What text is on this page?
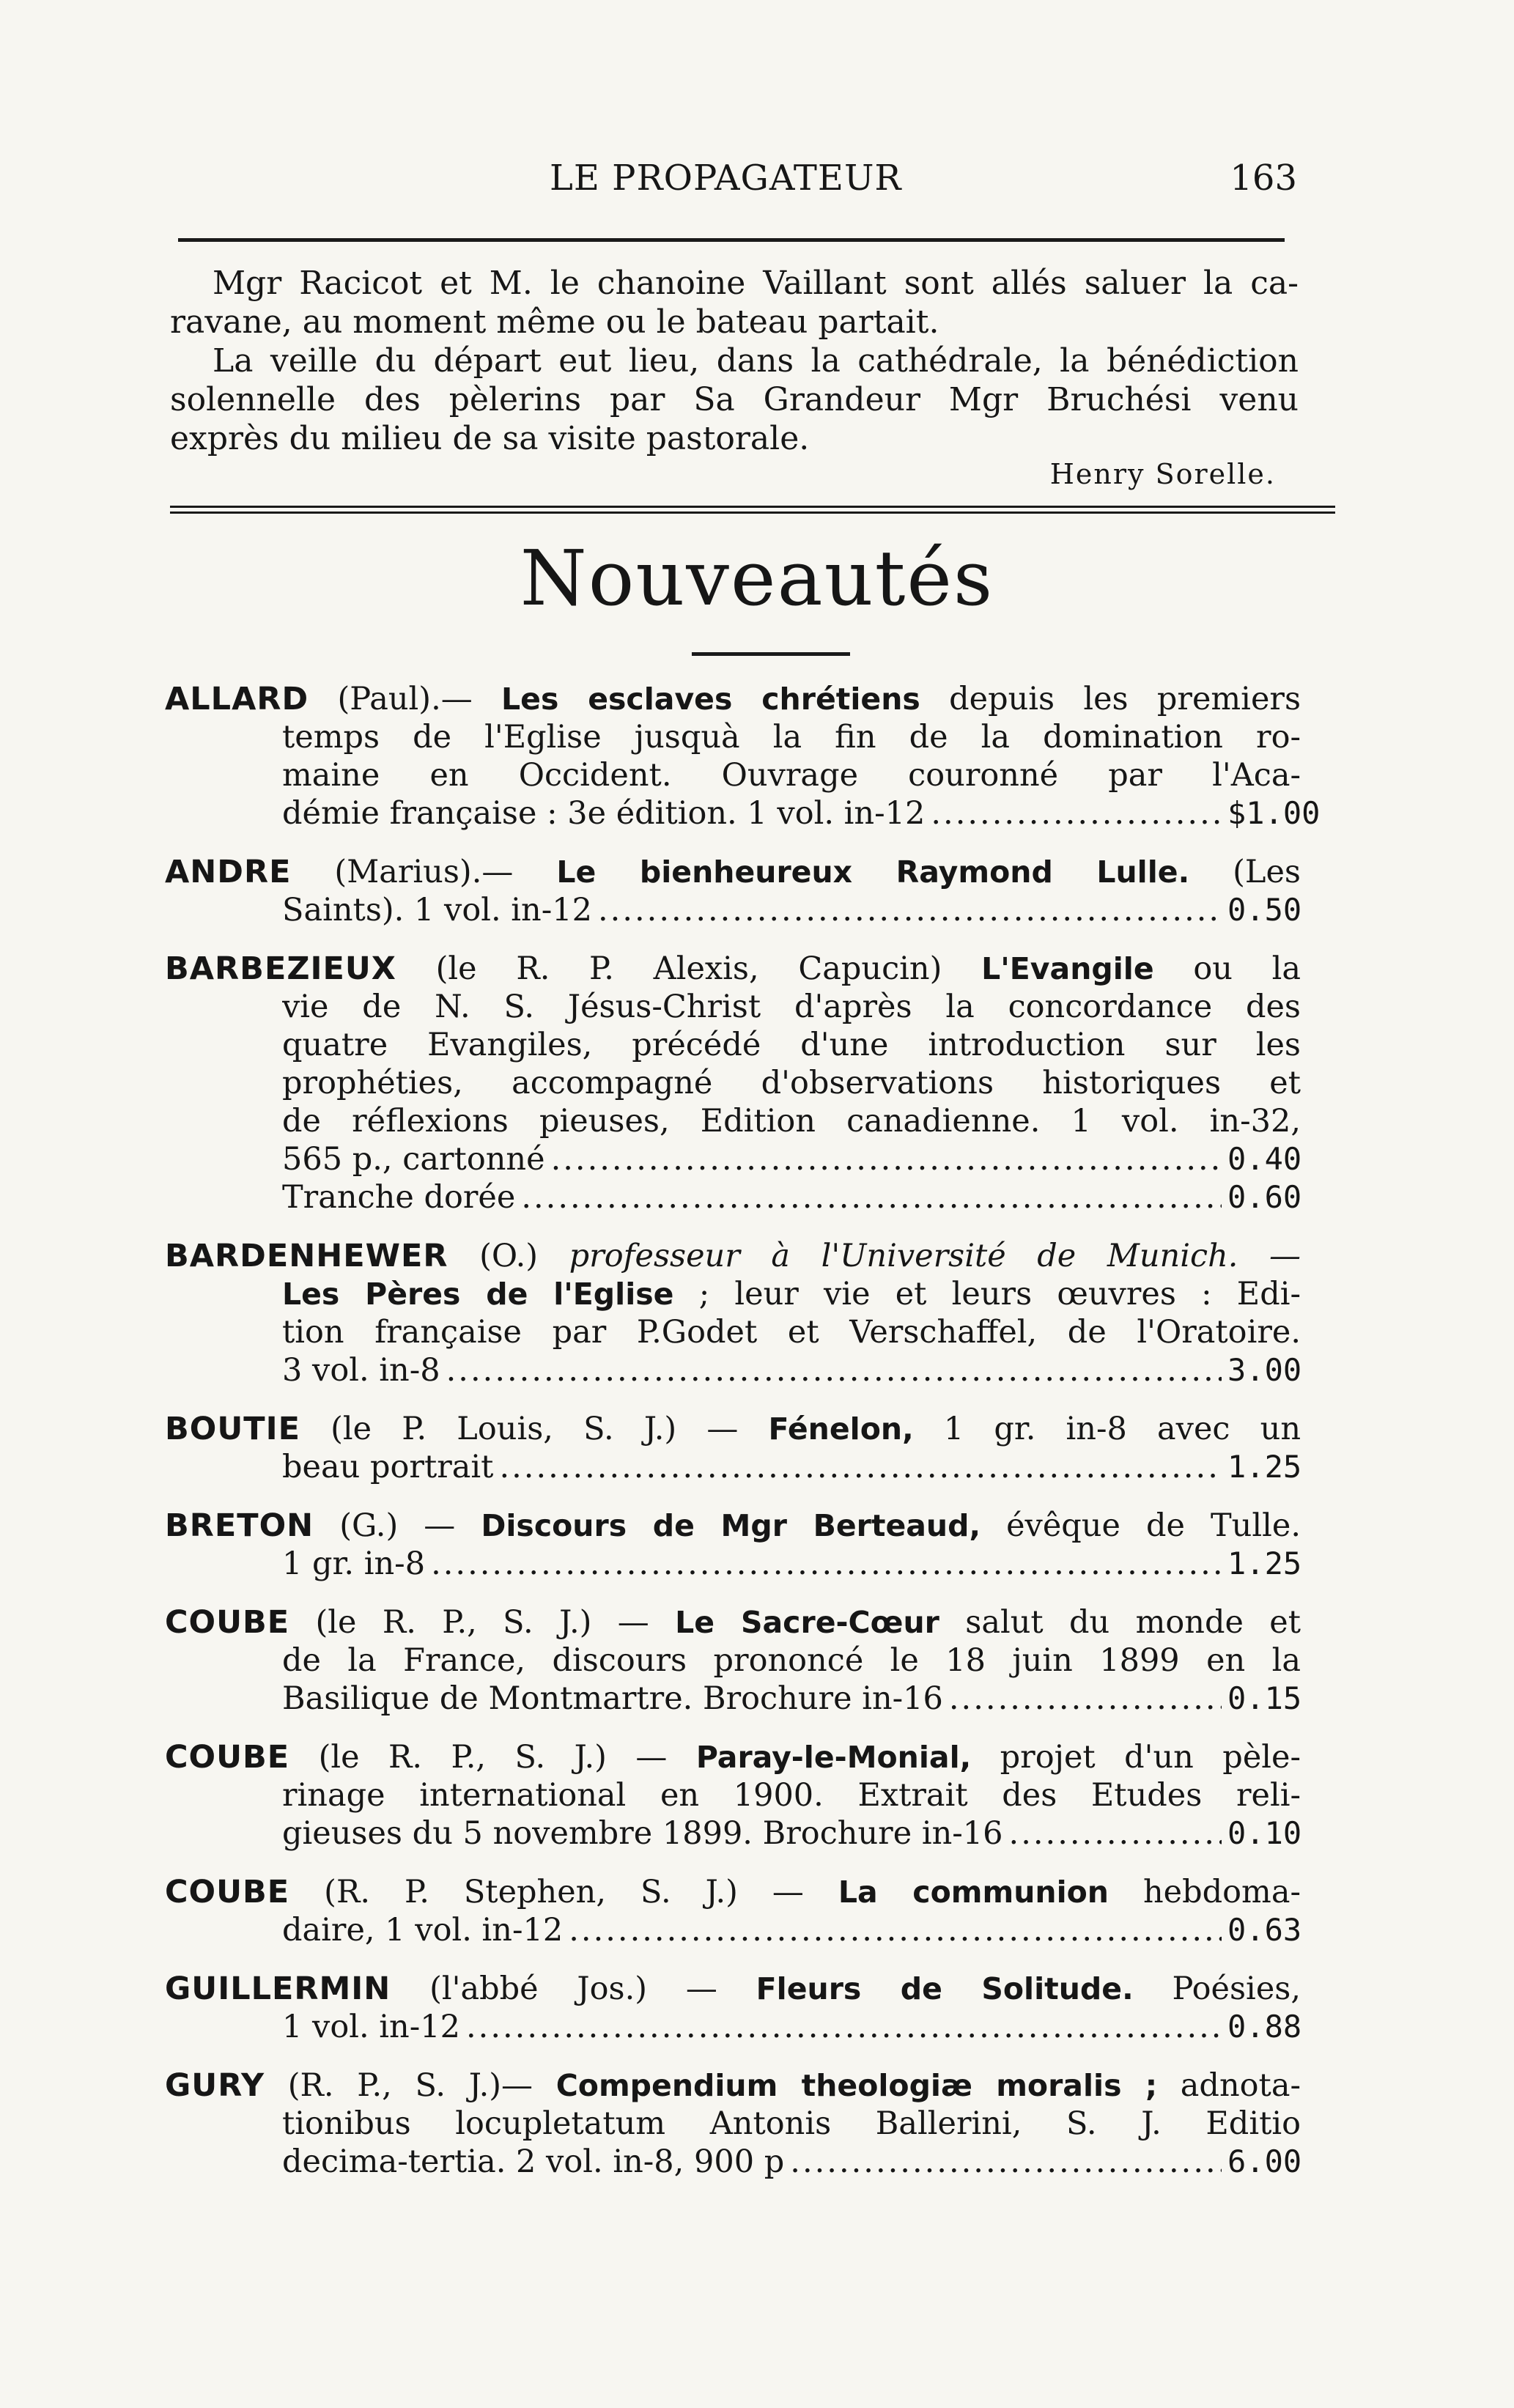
LE PROPAGATEUR	163
Mgr Racicot et M. le chanoine Vaillant sont allés saluer la ca-
ravane, au moment même ou le bateau partait.
La veille du départ eut lieu, dans la cathédrale, la bénédiction
solennelle des pèlerins par Sa Grandeur Mgr Bruchési venu
exprès du milieu de sa visite pastorale.
Henry Sorelle.
Nouveautés
ALLARD (Paul).— Les esclaves chrétiens depuis les premiers
temps de l'Eglise jusquà la fin de la domination ro-
maine en Occident. Ouvrage couronné par l'Aca-
démie française : 3e édition. 1 vol. in-12 .....	$1.00
ANDRE (Marius).— Le bienheureux Raymond Lulle. (Les
Saints). 1 vol. in-12 .....	0.50
BARBEZIEUX (le R. P. Alexis, Capucin) L'Evangile ou la
vie de N. S. Jésus-Christ d'après la concordance des
quatre Evangiles, précédé d'une introduction sur les
prophéties, accompagné d'observations historiques et
de réflexions pieuses, Edition canadienne. 1 vol. in-32,
565 p., cartonné .....	0.40
Tranche dorée .....	0.60
BARDENHEWER (O.) professeur à l'Université de Munich. —
Les Pères de l'Eglise ; leur vie et leurs œuvres : Edi-
tion française par P.Godet et Verschaffel, de l'Oratoire.
3 vol. in-8 .....	3.00
BOUTIE (le P. Louis, S. J.) — Fénelon, 1 gr. in-8 avec un
beau portrait .....	1.25
BRETON (G.) — Discours de Mgr Berteaud, évêque de Tulle.
1 gr. in-8 .....	1.25
COUBE (le R. P., S. J.) — Le Sacre-Cœur salut du monde et
de la France, discours prononcé le 18 juin 1899 en la
Basilique de Montmartre. Brochure in-16 .....	0.15
COUBE (le R. P., S. J.) — Paray-le-Monial, projet d'un pèle-
rinage international en 1900. Extrait des Etudes reli-
gieuses du 5 novembre 1899. Brochure in-16 .....	0.10
COUBE (R. P. Stephen, S. J.) — La communion hebdoma-
daire, 1 vol. in-12 .....	0.63
GUILLERMIN (l'abbé Jos.) — Fleurs de Solitude. Poésies,
1 vol. in-12 .....	0.88
GURY (R. P., S. J.)— Compendium theologiæ moralis ; adnota-
tionibus locupletatum Antonis Ballerini, S. J. Editio
decima-tertia. 2 vol. in-8, 900 p .....	6.00
